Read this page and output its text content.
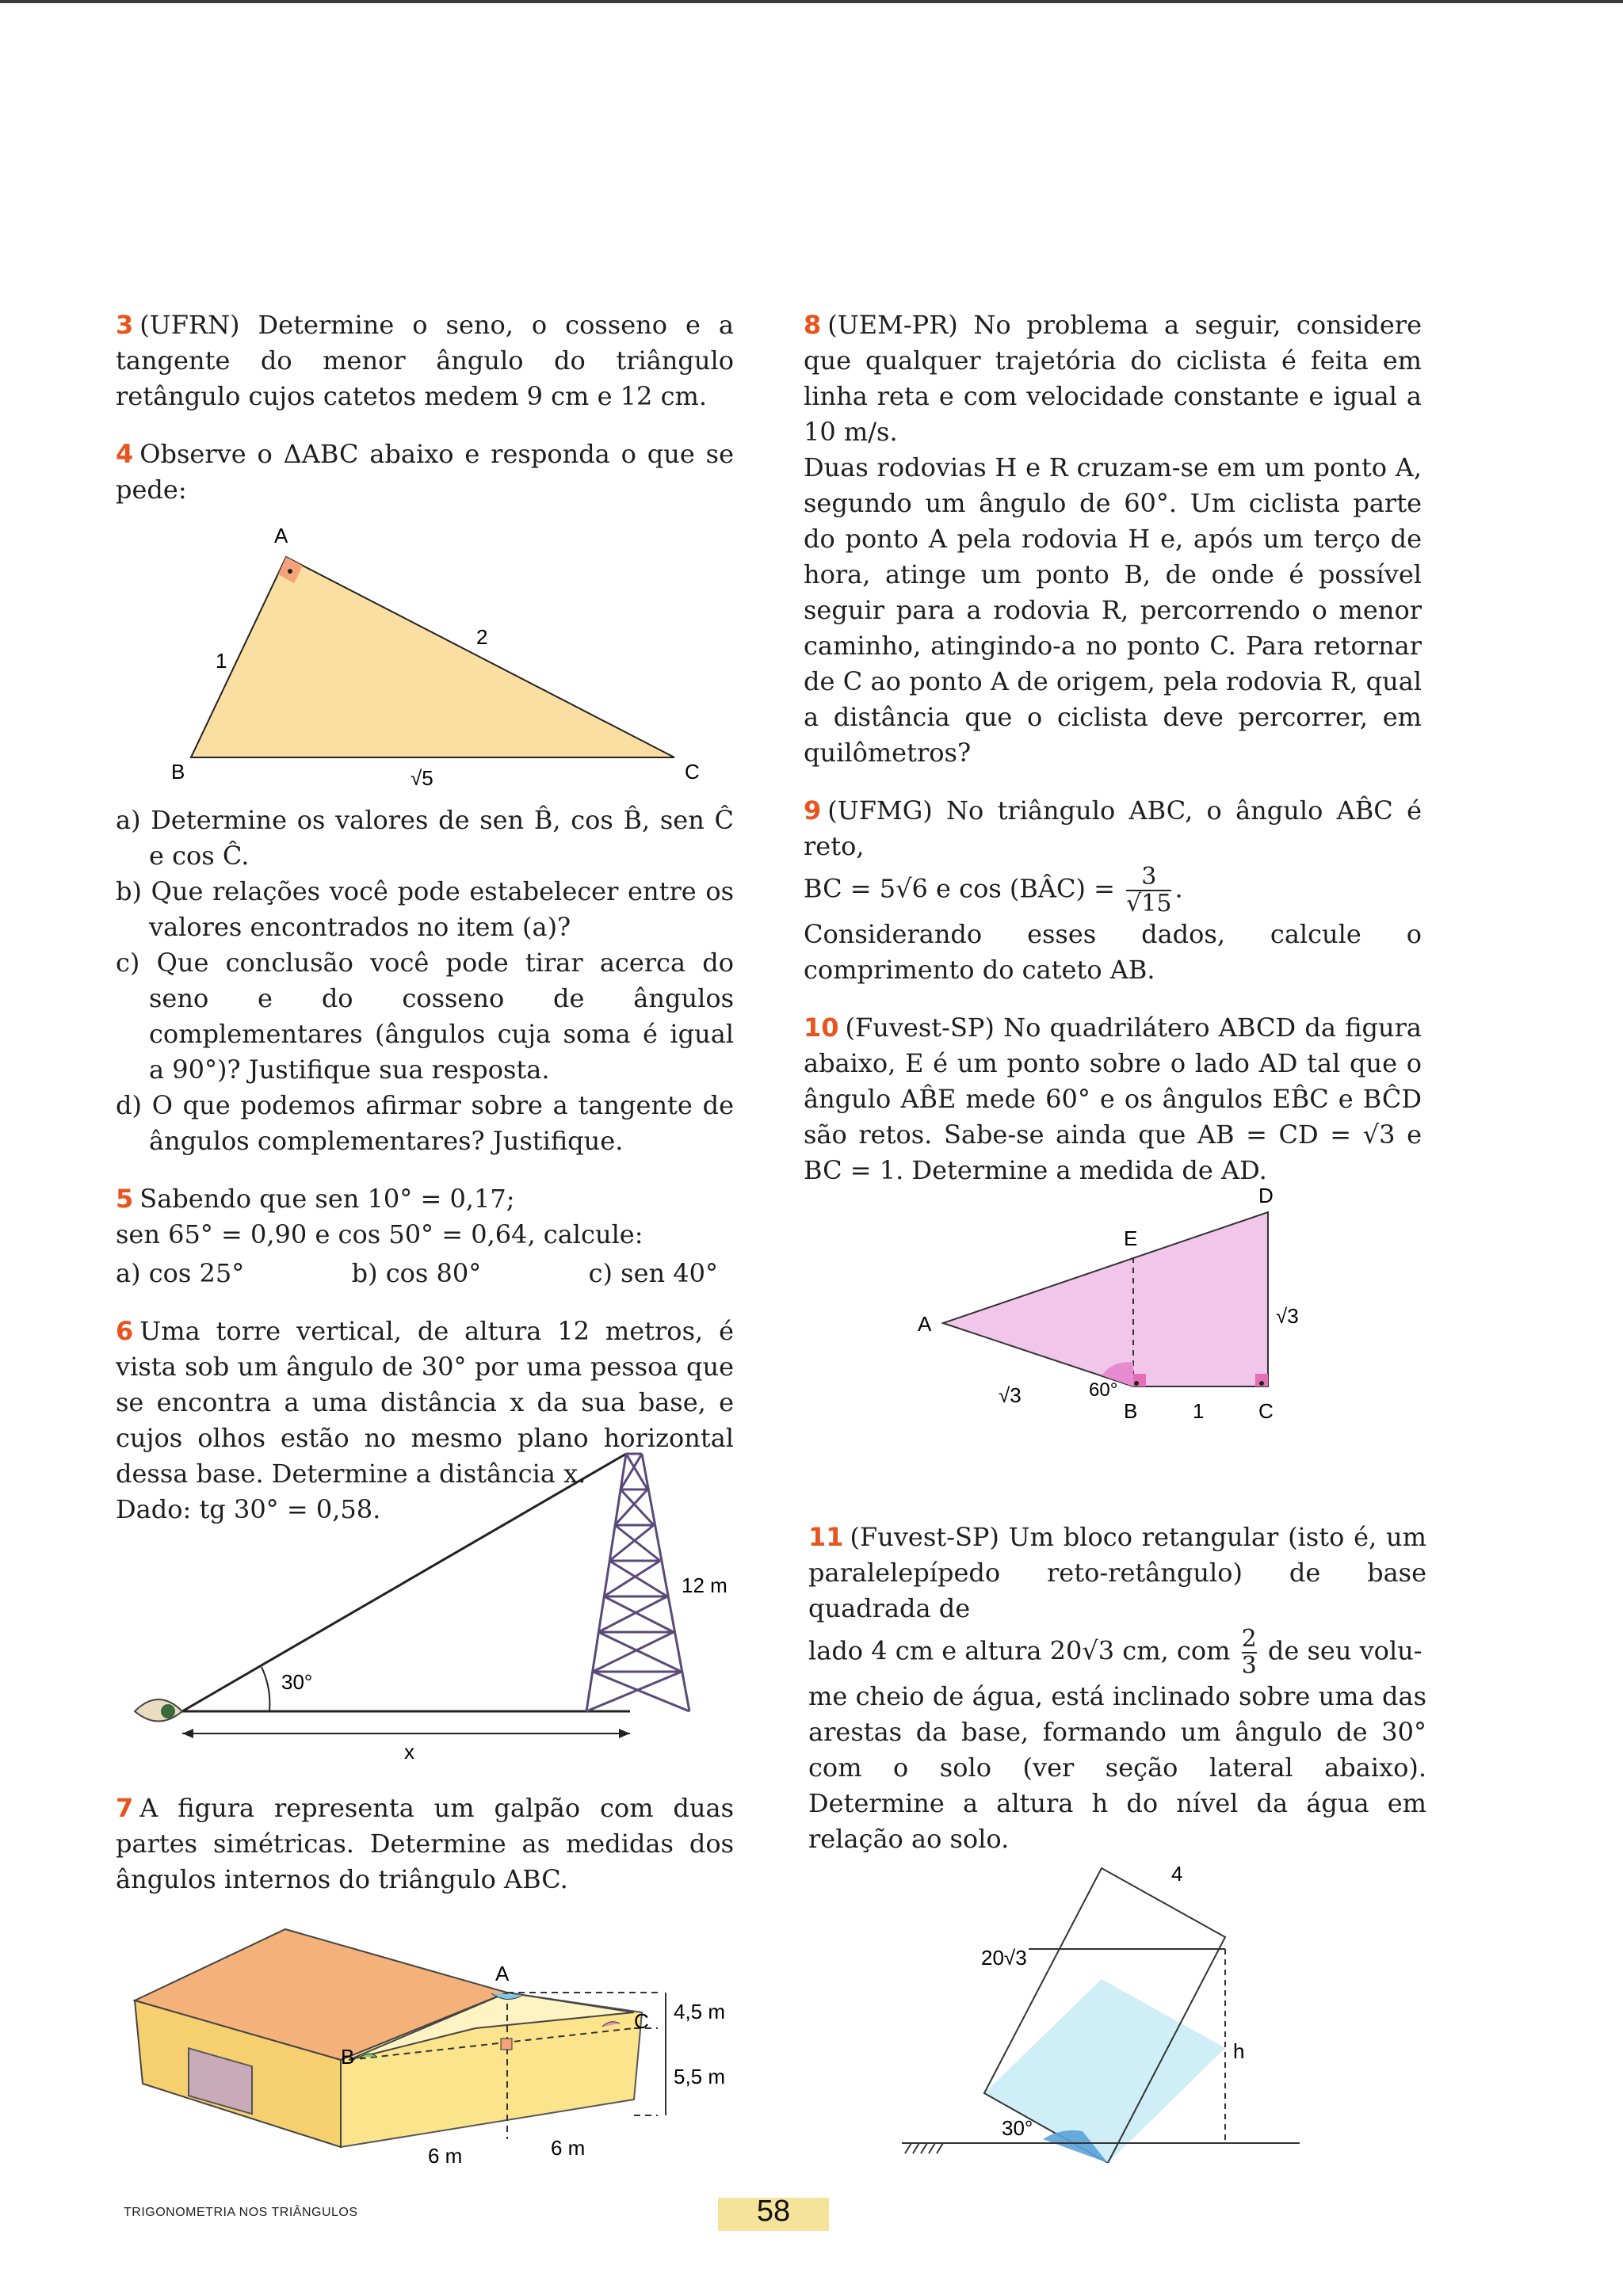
3 (UFRN) Determine o seno, o cosseno e a tangente do menor ângulo do triângulo retângulo cujos catetos medem 9 cm e 12 cm.

4 Observe o ΔABC abaixo e responda o que se pede:

A
B	C
1
2
√5

a) Determine os valores de sen B̂, cos B̂, sen Ĉ e cos Ĉ.

b) Que relações você pode estabelecer entre os valores encontrados no item (a)?

c) Que conclusão você pode tirar acerca do seno e do cosseno de ângulos complementares (ângulos cuja soma é igual a 90°)? Justifique sua resposta.

d) O que podemos afirmar sobre a tangente de ângulos complementares? Justifique.

5 Sabendo que sen 10° = 0,17;

sen 65° = 0,90 e cos 50° = 0,64, calcule:

a) cos 25°	b) cos 80°	c) sen 40°

6 Uma torre vertical, de altura 12 metros, é vista sob um ângulo de 30° por uma pessoa que se encontra a uma distância x da sua base, e cujos olhos estão no mesmo plano horizontal dessa base. Determine a distância x.

Dado: tg 30° = 0,58.

30°
12 m
x

7 A figura representa um galpão com duas partes simétricas. Determine as medidas dos ângulos internos do triângulo ABC.

A
B
C 4,5 m
5,5 m
6 m	6 m

8 (UEM-PR) No problema a seguir, considere que qualquer trajetória do ciclista é feita em linha reta e com velocidade constante e igual a 10 m/s.

Duas rodovias H e R cruzam-se em um ponto A, segundo um ângulo de 60°. Um ciclista parte do ponto A pela rodovia H e, após um terço de hora, atinge um ponto B, de onde é possível seguir para a rodovia R, percorrendo o menor caminho, atingindo-a no ponto C. Para retornar de C ao ponto A de origem, pela rodovia R, qual a distância que o ciclista deve percorrer, em quilômetros?

9 (UFMG) No triângulo ABC, o ângulo AB̂C é reto,

BC = 5√6 e cos (BÂC) = $\frac{3}{√15}$ .

Considerando esses dados, calcule o comprimento do cateto AB.

10 (Fuvest-SP) No quadrilátero ABCD da figura abaixo, E é um ponto sobre o lado AD tal que o ângulo AB̂E mede 60° e os ângulos EB̂C e BĈD são retos. Sabe-se ainda que AB = CD = √3 e BC = 1. Determine a medida de AD.

A
B	C
D
E
√3
√3
1
60°

11 (Fuvest-SP) Um bloco retangular (isto é, um paralelepípedo reto-retângulo) de base quadrada de

lado 4 cm e altura 20√3 cm, com $\frac{2}{3}$ de seu volu-

me cheio de água, está inclinado sobre uma das arestas da base, formando um ângulo de 30° com o solo (ver seção lateral abaixo). Determine a altura h do nível da água em relação ao solo.

4
20√3
h
30°
TRIGONOMETRIA NOS TRIÂNGULOS	58
